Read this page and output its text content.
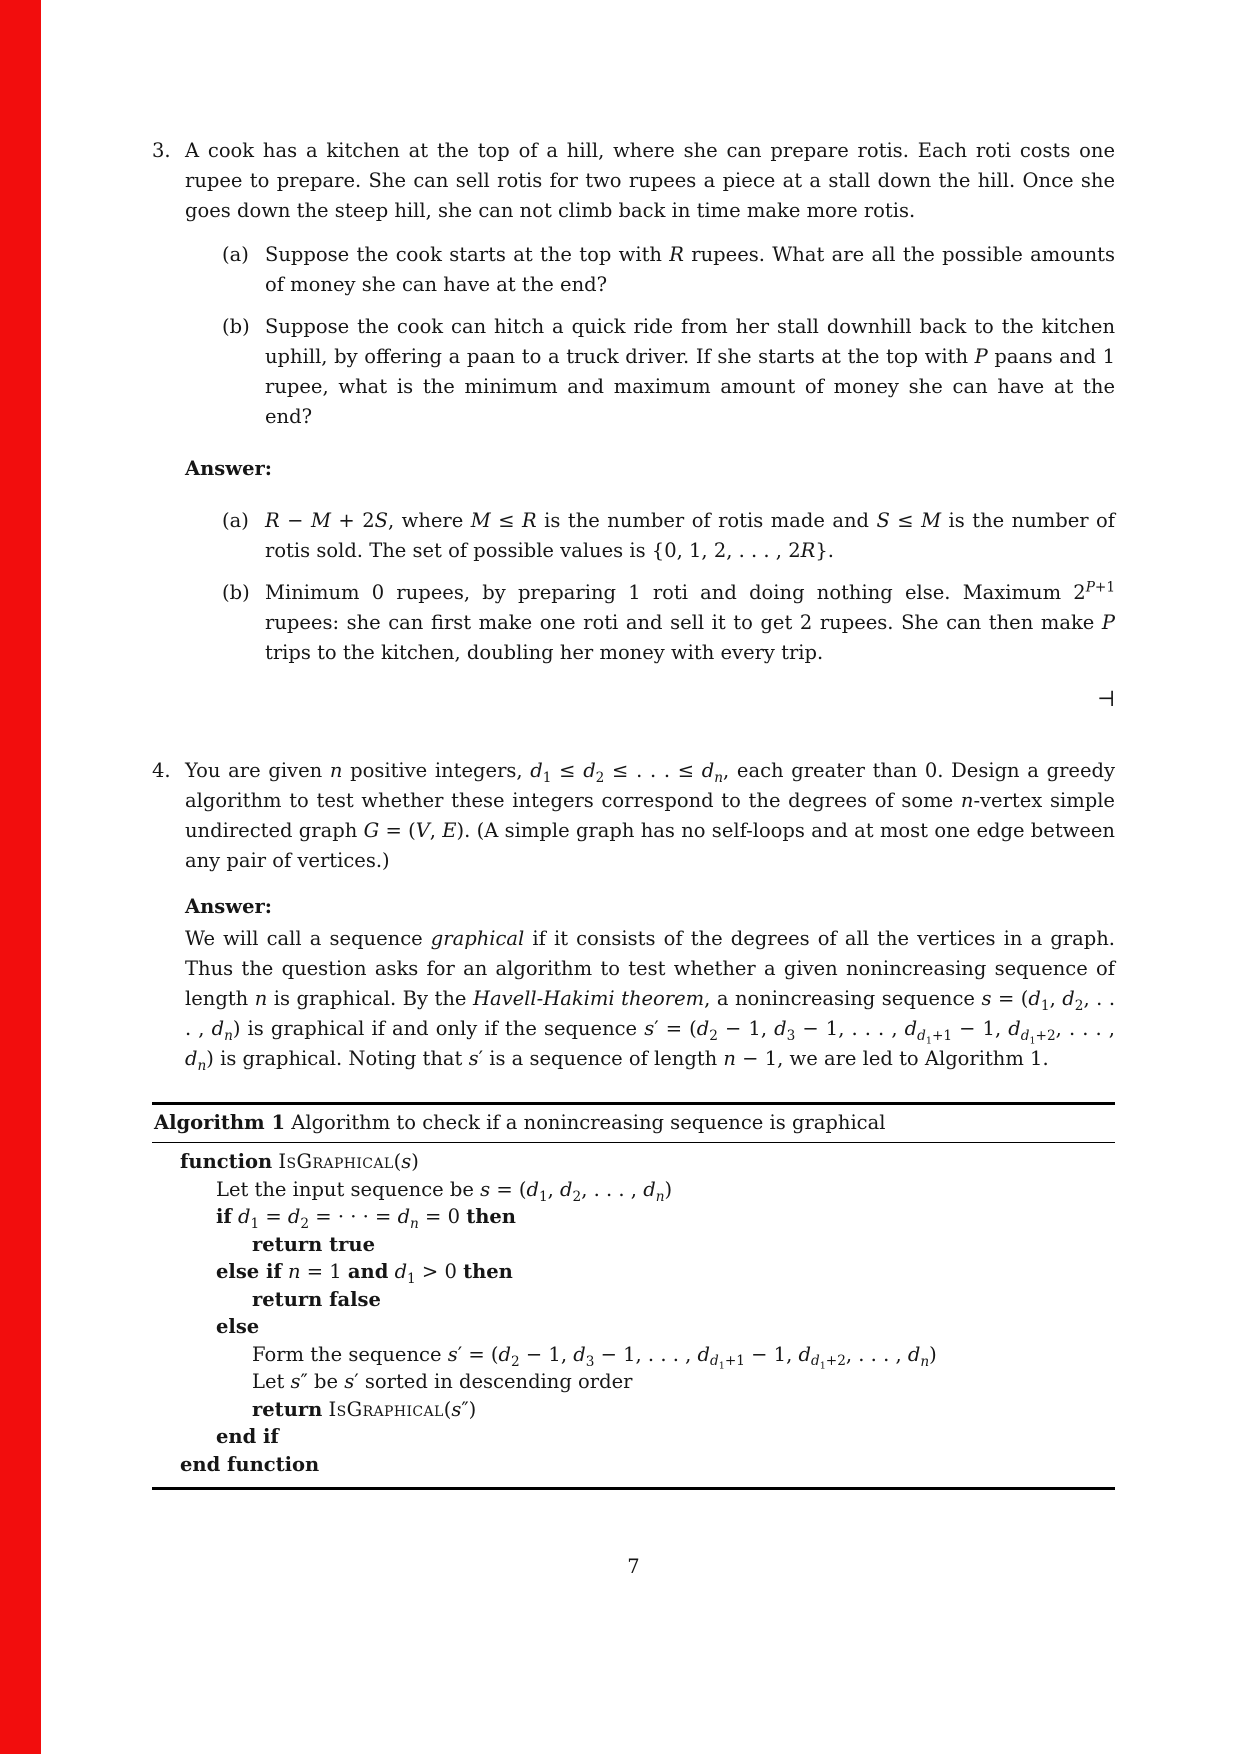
3. A cook has a kitchen at the top of a hill, where she can prepare rotis. Each roti costs one rupee to prepare. She can sell rotis for two rupees a piece at a stall down the hill. Once she goes down the steep hill, she can not climb back in time make more rotis.

(a) Suppose the cook starts at the top with R rupees. What are all the possible amounts of money she can have at the end?

(b) Suppose the cook can hitch a quick ride from her stall downhill back to the kitchen uphill, by offering a paan to a truck driver. If she starts at the top with P paans and 1 rupee, what is the minimum and maximum amount of money she can have at the end?

Answer:

(a) R − M + 2S, where M ≤ R is the number of rotis made and S ≤ M is the number of rotis sold. The set of possible values is {0, 1, 2, . . . , 2R}.

(b) Minimum 0 rupees, by preparing 1 roti and doing nothing else. Maximum $2^{P+1}$ rupees: she can first make one roti and sell it to get 2 rupees. She can then make P trips to the kitchen, doubling her money with every trip.

⊣
4. You are given n positive integers, $d_1 \le d_2$ ≤ . . . ≤ $d_n$, each greater than 0. Design a greedy algorithm to test whether these integers correspond to the degrees of some n-vertex simple undirected graph G = (V, E). (A simple graph has no self-loops and at most one edge between any pair of vertices.)

Answer:

We will call a sequence graphical if it consists of the degrees of all the vertices in a graph. Thus the question asks for an algorithm to test whether a given nonincreasing sequence of length n is graphical. By the Havell-Hakimi theorem, a nonincreasing sequence $s = (d_1$, $d_2$, . . . , $d_n$) is graphical if and only if the sequence $s' = (d_2 - 1$, $d_3 - 1$, . . . , $d_{d_1+1} - 1$, $d_{d_1+2}$, . . . , $d_n$) is graphical. Noting that s′ is a sequence of length n − 1, we are led to Algorithm 1.

Algorithm 1 Algorithm to check if a nonincreasing sequence is graphical

function IsGraphical(s)
Let the input sequence be $s = (d_1$, $d_2$, . . . , $d_n$)
if $d_1 = d_2$ = · · · = $d_n = 0$ then
return true
else if n = 1 and $d_1 > 0$ then
return false
else
Form the sequence $s' = (d_2 - 1$, $d_3 - 1$, . . . , $d_{d_1+1} - 1$, $d_{d_1+2}$, . . . , $d_n$)
Let s″ be s′ sorted in descending order
return IsGraphical(s″)
end if
end function
7
